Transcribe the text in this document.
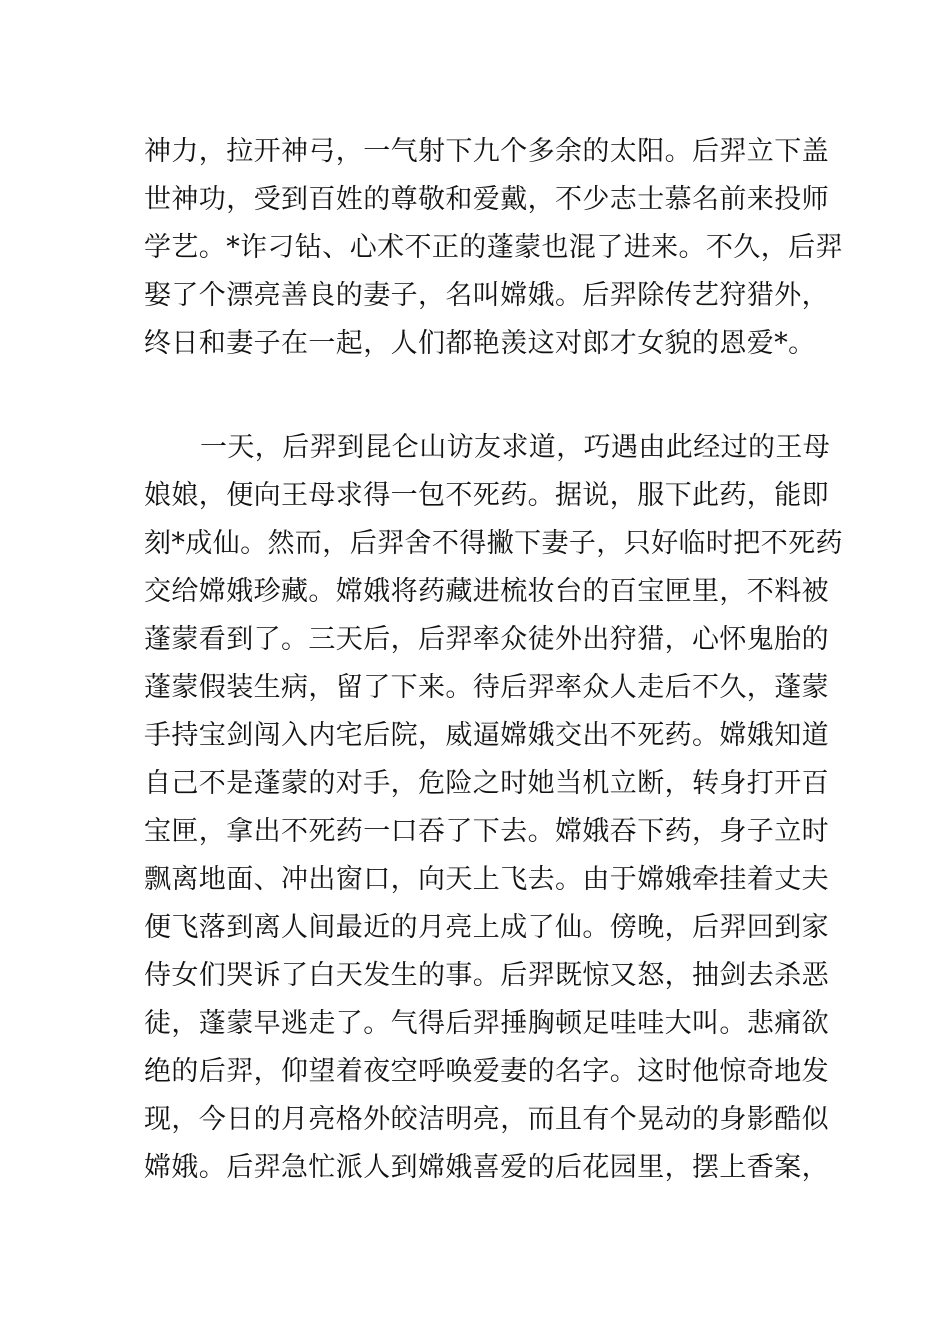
神力，拉开神弓，一气射下九个多余的太阳。后羿立下盖
世神功，受到百姓的尊敬和爱戴，不少志士慕名前来投师
学艺。*诈刁钻、心术不正的蓬蒙也混了进来。不久，后羿
娶了个漂亮善良的妻子，名叫嫦娥。后羿除传艺狩猎外，
终日和妻子在一起，人们都艳羡这对郎才女貌的恩爱*。
一天，后羿到昆仑山访友求道，巧遇由此经过的王母
娘娘，便向王母求得一包不死药。据说，服下此药，能即
刻*成仙。然而，后羿舍不得撇下妻子，只好临时把不死药
交给嫦娥珍藏。嫦娥将药藏进梳妆台的百宝匣里，不料被
蓬蒙看到了。三天后，后羿率众徒外出狩猎，心怀鬼胎的
蓬蒙假装生病，留了下来。待后羿率众人走后不久，蓬蒙
手持宝剑闯入内宅后院，威逼嫦娥交出不死药。嫦娥知道
自己不是蓬蒙的对手，危险之时她当机立断，转身打开百
宝匣，拿出不死药一口吞了下去。嫦娥吞下药，身子立时
飘离地面、冲出窗口，向天上飞去。由于嫦娥牵挂着丈夫
便飞落到离人间最近的月亮上成了仙。傍晚，后羿回到家
侍女们哭诉了白天发生的事。后羿既惊又怒，抽剑去杀恶
徒，蓬蒙早逃走了。气得后羿捶胸顿足哇哇大叫。悲痛欲
绝的后羿，仰望着夜空呼唤爱妻的名字。这时他惊奇地发
现，今日的月亮格外皎洁明亮，而且有个晃动的身影酷似
嫦娥。后羿急忙派人到嫦娥喜爱的后花园里，摆上香案，
